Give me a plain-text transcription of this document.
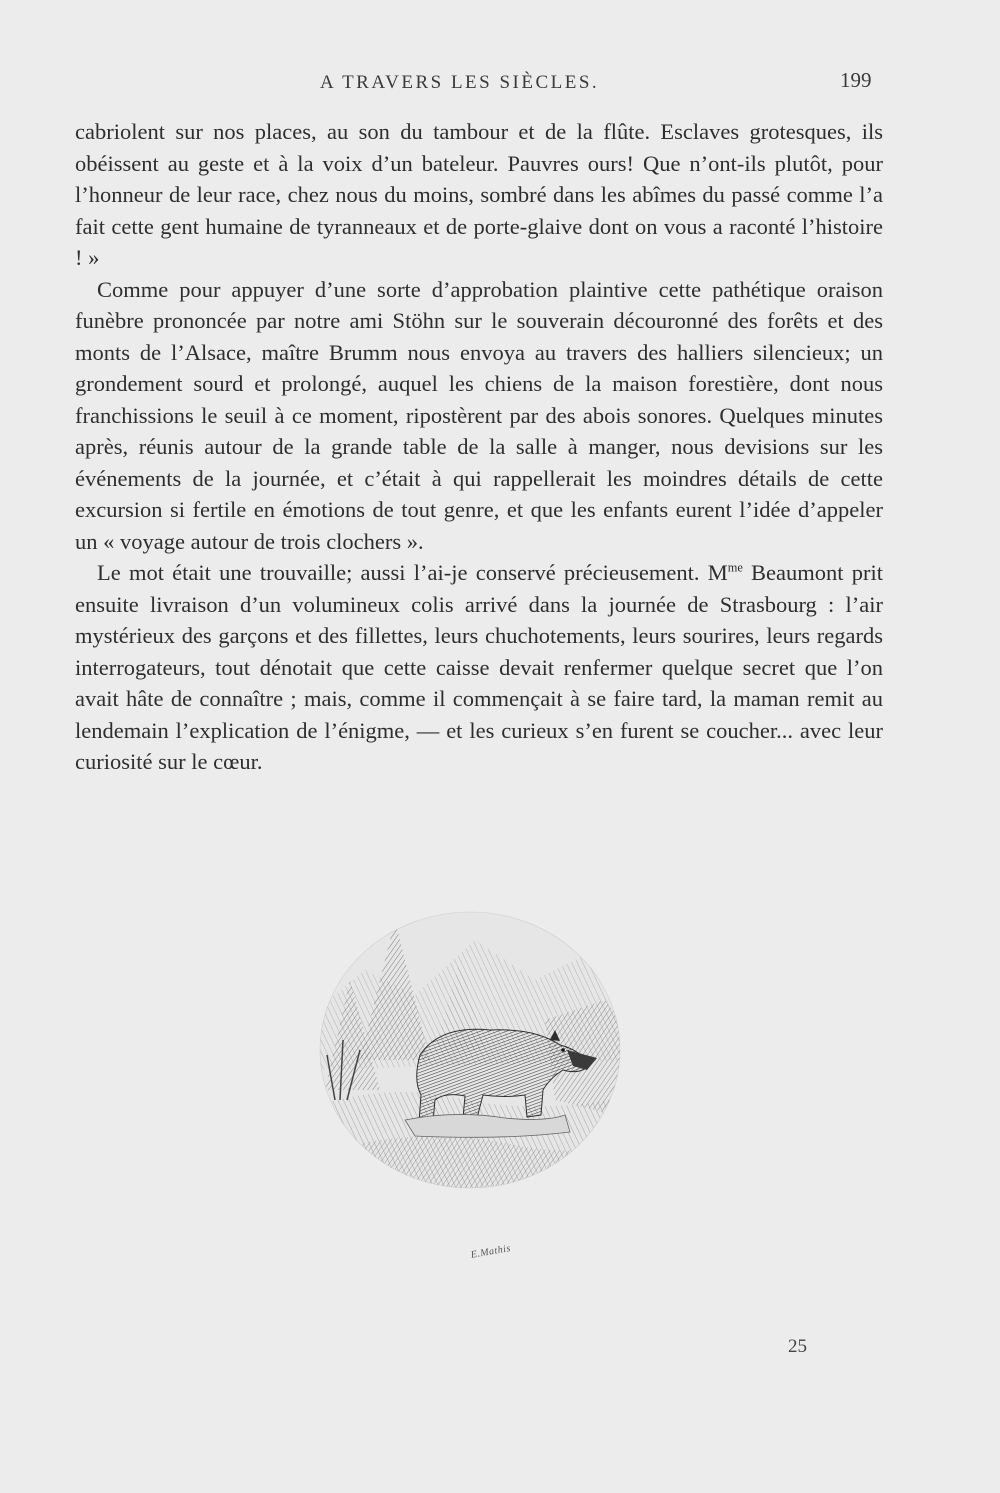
A TRAVERS LES SIÈCLES.	199

cabriolent sur nos places, au son du tambour et de la flûte. Esclaves grotesques, ils obéissent au geste et à la voix d’un bateleur. Pauvres ours! Que n’ont-ils plutôt, pour l’honneur de leur race, chez nous du moins, sombré dans les abîmes du passé comme l’a fait cette gent humaine de tyranneaux et de porte-glaive dont on vous a raconté l’histoire ! »

Comme pour appuyer d’une sorte d’approbation plaintive cette pathétique oraison funèbre prononcée par notre ami Stöhn sur le souverain découronné des forêts et des monts de l’Alsace, maître Brumm nous envoya au travers des halliers silencieux; un grondement sourd et prolongé, auquel les chiens de la maison forestière, dont nous franchissions le seuil à ce moment, ripostèrent par des abois sonores. Quelques minutes après, réunis autour de la grande table de la salle à manger, nous devisions sur les événements de la journée, et c’était à qui rappellerait les moindres détails de cette excursion si fertile en émotions de tout genre, et que les enfants eurent l’idée d’appeler un « voyage autour de trois clochers ».

Le mot était une trouvaille; aussi l’ai-je conservé précieusement. $M^{me}$ Beaumont prit ensuite livraison d’un volumineux colis arrivé dans la journée de Strasbourg : l’air mystérieux des garçons et des fillettes, leurs chuchotements, leurs sourires, leurs regards interrogateurs, tout dénotait que cette caisse devait renfermer quelque secret que l’on avait hâte de connaître ; mais, comme il commençait à se faire tard, la maman remit au lendemain l’explication de l’énigme, — et les curieux s’en furent se coucher... avec leur curiosité sur le cœur.

E.Mathis
25
